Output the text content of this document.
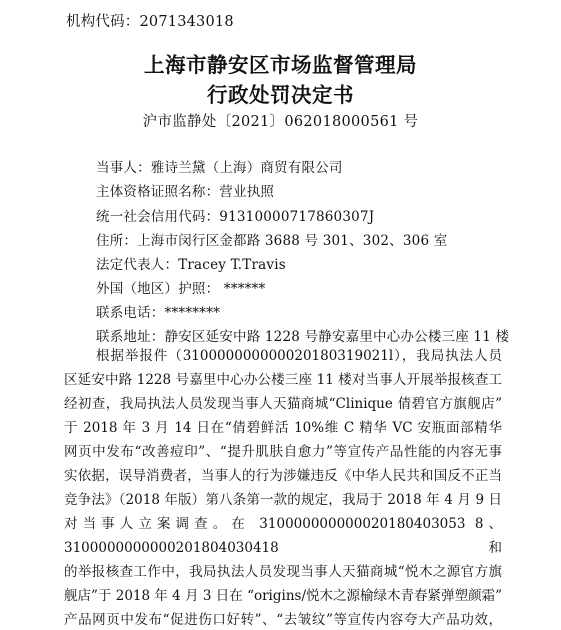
机构代码：2071343018
上海市静安区市场监督管理局
行政处罚决定书
沪市监静处〔2021〕062018000561 号
当事人：雅诗兰黛（上海）商贸有限公司
主体资格证照名称：营业执照
统一社会信用代码：91310000717860307J
住所：上海市闵行区金都路 3688 号 301、302、306 室
法定代表人：Tracey T.Travis
外国（地区）护照： ******
联系电话：********
联系地址：静安区延安中路 1228 号静安嘉里中心办公楼三座 11 楼
根据举报件（310000000000020180319021l），我局执法人员
区延安中路 1228 号嘉里中心办公楼三座 11 楼对当事人开展举报核查工
经初查，我局执法人员发现当事人天猫商城“Clinique 倩碧官方旗舰店”
于 2018 年 3 月 14 日在“倩碧鲜活 10%维 C 精华 VC 安瓶面部精华
网页中发布“改善痘印”、“提升肌肤自愈力”等宣传产品性能的内容无事
实依据，误导消费者，当事人的行为涉嫌违反《中华人民共和国反不正当
竞争法》（2018 年版）第八条第一款的规定，我局于 2018 年 4 月 9 日
对当事人立案调查。在 310000000000020180403053 8、
3100000000000201804030418 和
的举报核查工作中，我局执法人员发现当事人天猫商城“悦木之源官方旗
舰店”于 2018 年 4 月 3 日在 “origins/悦木之源榆绿木青春紧弹塑颜霜”
产品网页中发布“促进伤口好转”、“去皱纹”等宣传内容夸大产品功效，
